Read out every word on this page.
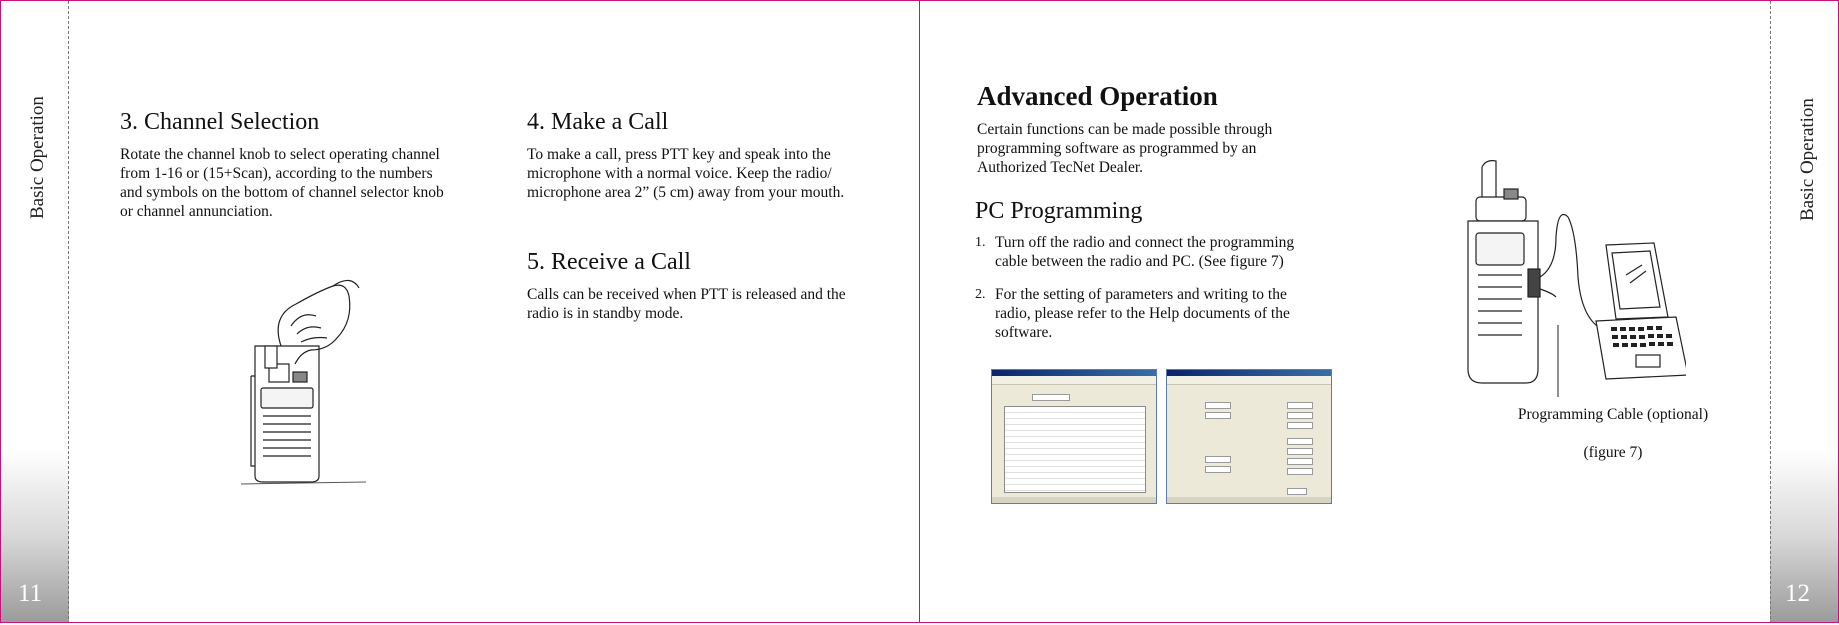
Basic Operation
11
3. Channel Selection

Rotate the channel knob to select operating channel
from 1-16 or (15+Scan), according to the numbers
and symbols on the bottom of channel selector knob
or channel annunciation.

4. Make a Call

To make a call, press PTT key and speak into the
microphone with a normal voice. Keep the radio/
microphone area 2” (5 cm) away from your mouth.

5. Receive a Call

Calls can be received when PTT is released and the
radio is in standby mode.

Basic Operation
12
Advanced Operation

Certain functions can be made possible through
programming software as programmed by an
Authorized TecNet Dealer.

PC Programming
1. Turn off the radio and connect the programming
cable between the radio and PC. (See figure 7)
2. For the setting of parameters and writing to the
radio, please refer to the Help documents of the
software.
Programming Cable (optional)
(figure 7)
